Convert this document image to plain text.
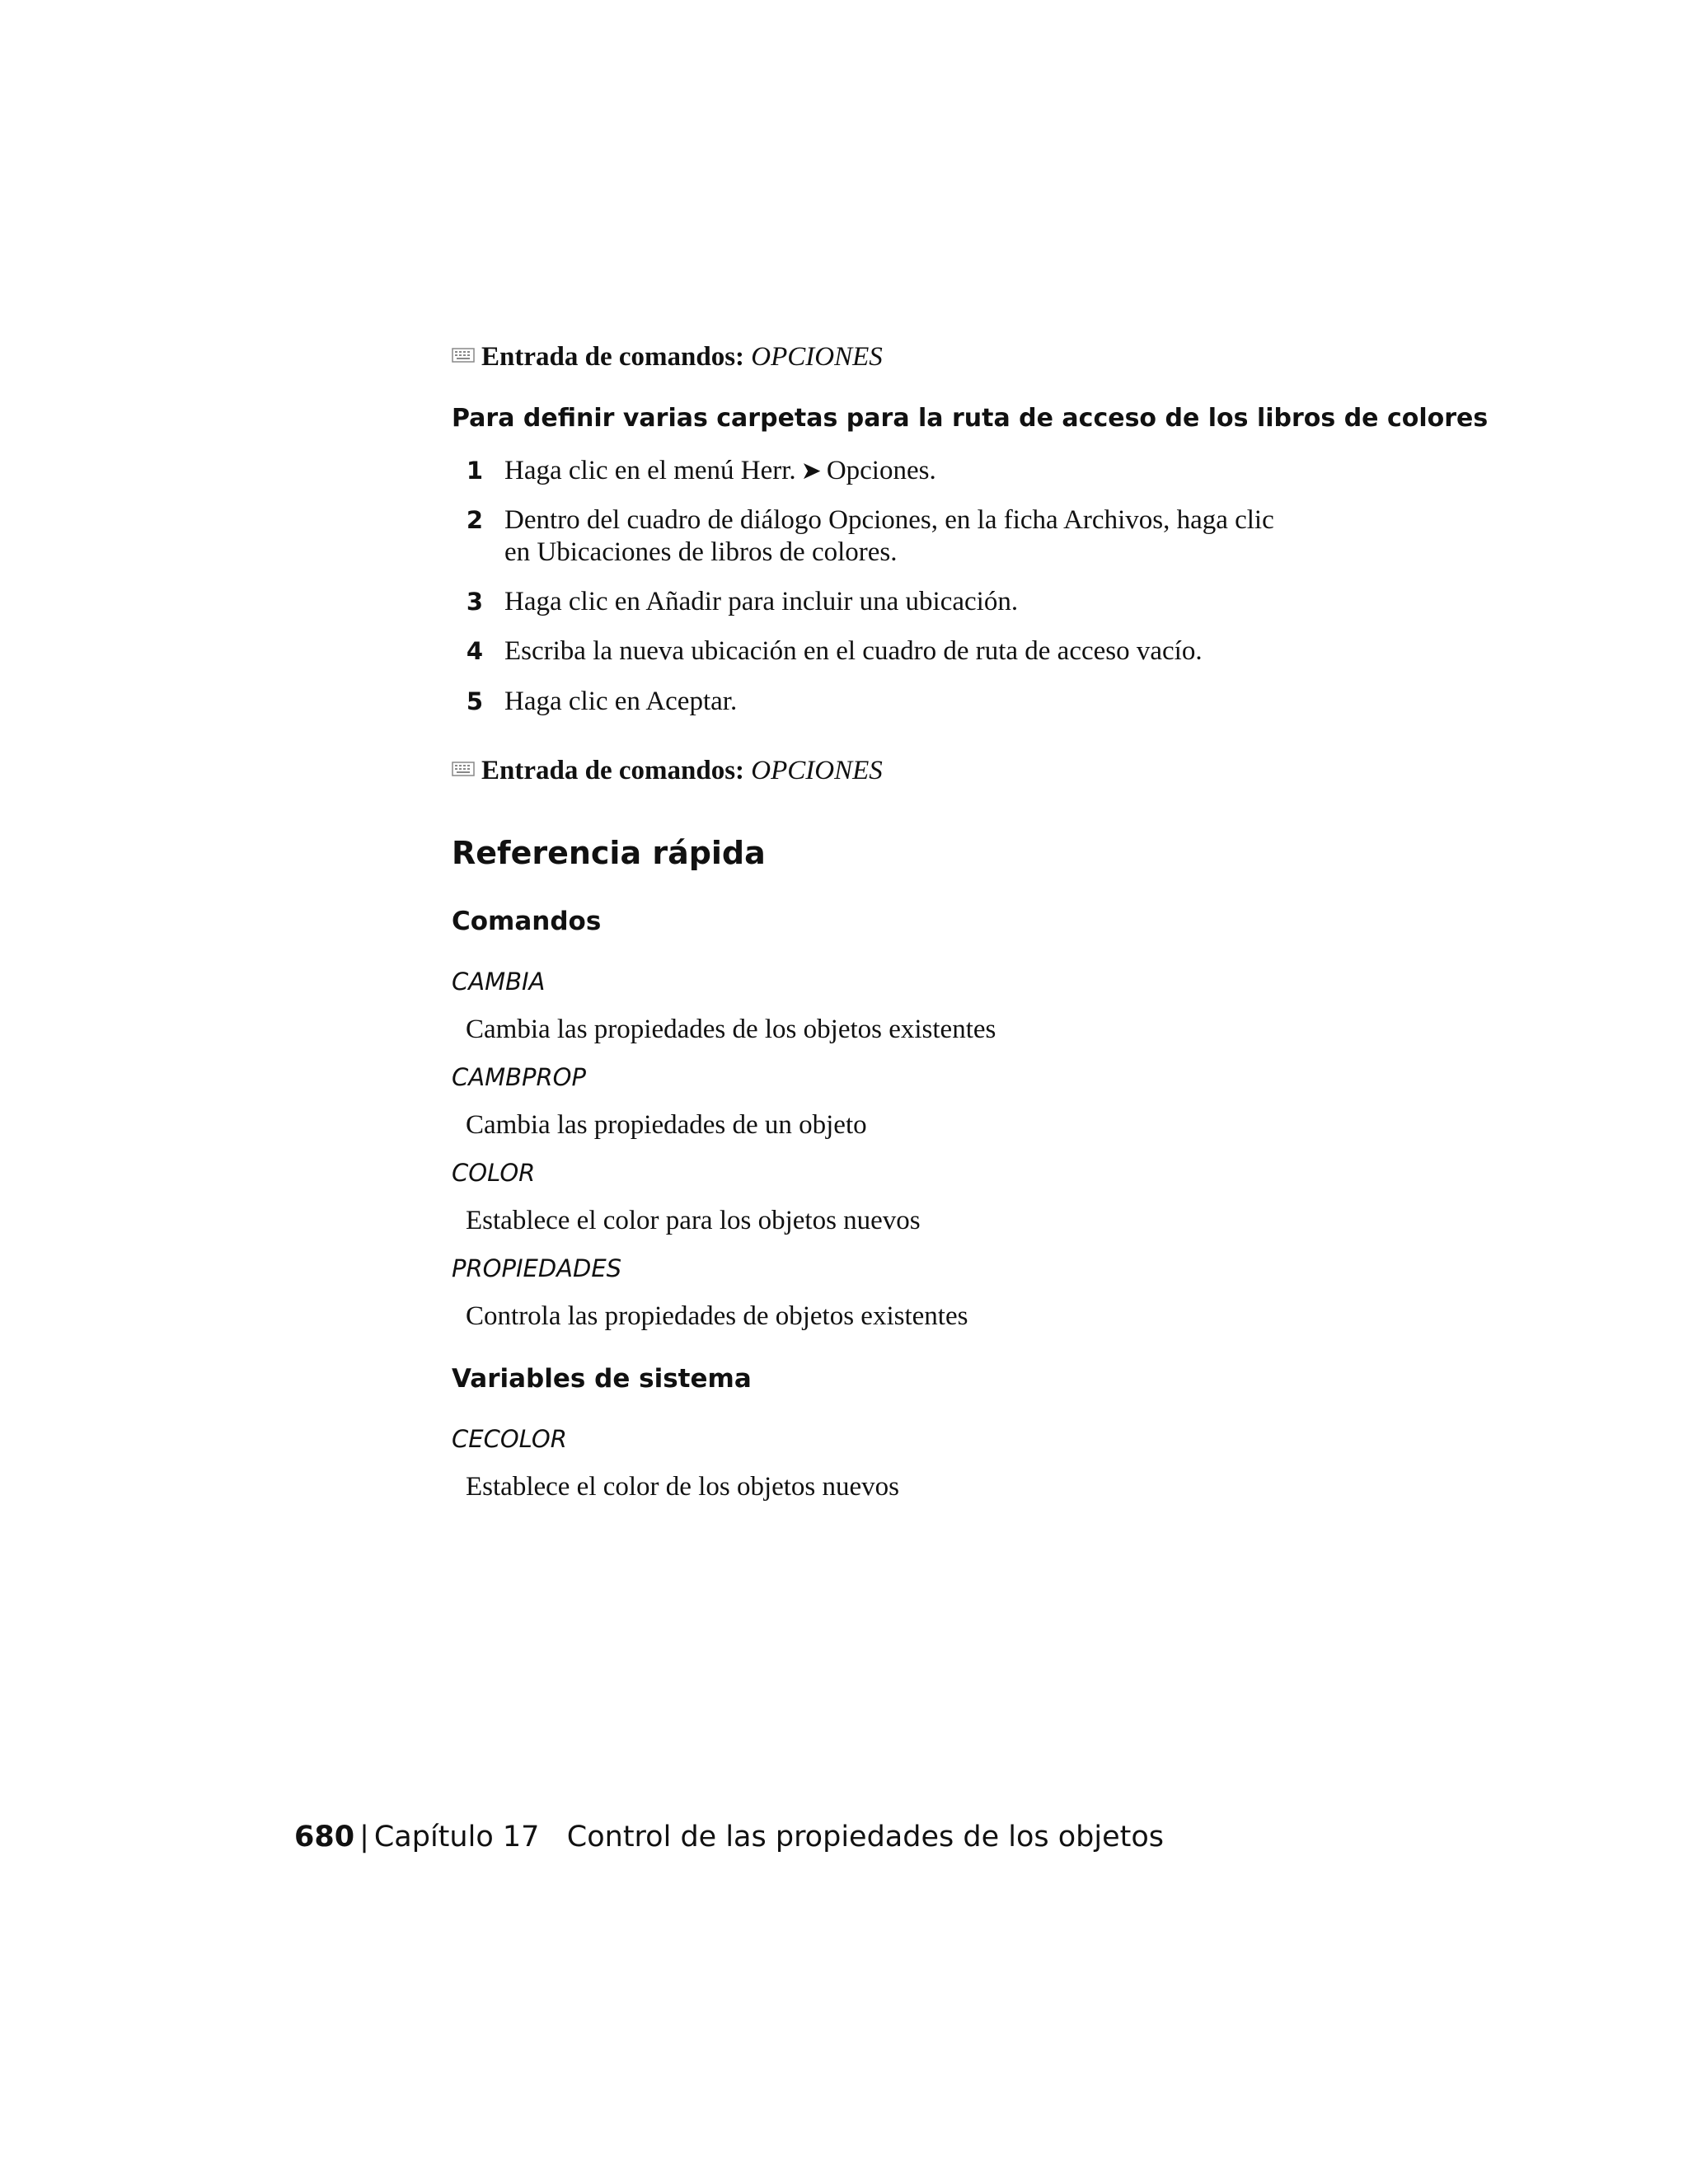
Entrada de comandos: OPCIONES
Para definir varias carpetas para la ruta de acceso de los libros de colores
1 Haga clic en el menú Herr. ➤ Opciones.
2 Dentro del cuadro de diálogo Opciones, en la ficha Archivos, haga clic
en Ubicaciones de libros de colores.
3 Haga clic en Añadir para incluir una ubicación.
4 Escriba la nueva ubicación en el cuadro de ruta de acceso vacío.
5 Haga clic en Aceptar.
Entrada de comandos: OPCIONES
Referencia rápida
Comandos
CAMBIA
Cambia las propiedades de los objetos existentes
CAMBPROP
Cambia las propiedades de un objeto
COLOR
Establece el color para los objetos nuevos
PROPIEDADES
Controla las propiedades de objetos existentes
Variables de sistema
CECOLOR
Establece el color de los objetos nuevos
680 | Capítulo 17 Control de las propiedades de los objetos
